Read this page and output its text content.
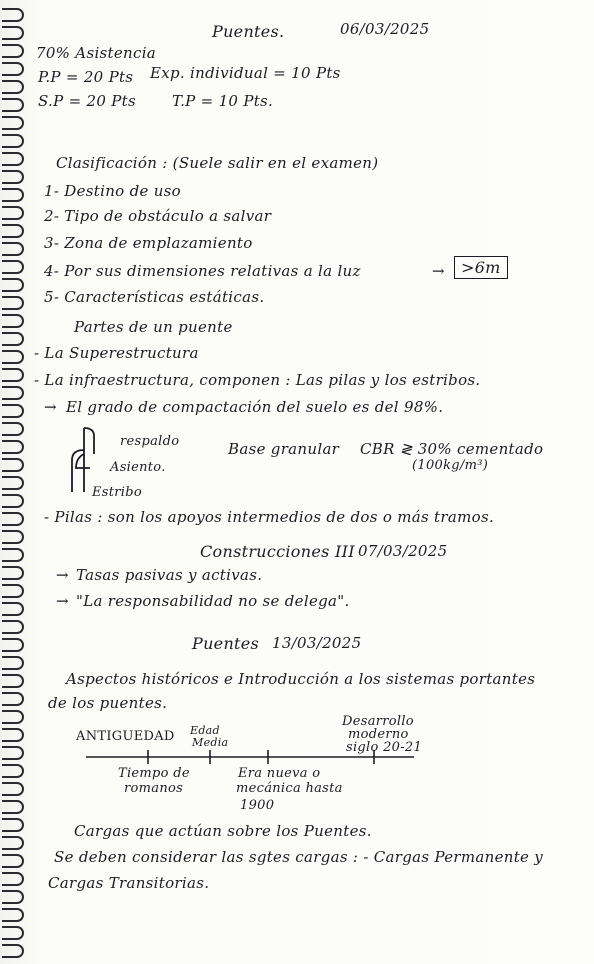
Puentes.	06/03/2025
70% Asistencia
P.P = 20 Pts Exp. individual = 10 Pts
S.P = 20 Pts T.P = 10 Pts.
Clasificación : (Suele salir en el examen)
1- Destino de uso
2- Tipo de obstáculo a salvar
3- Zona de emplazamiento
4- Por sus dimensiones relativas a la luz	→	>6m
5- Características estáticas.
Partes de un puente
- La Superestructura
- La infraestructura, componen : Las pilas y los estribos.
→ El grado de compactación del suelo es del 98%.
respaldo
Asiento.
Estribo
Base granular CBR ≷ 30% cementado
(100kg/m³)
- Pilas : son los apoyos intermedios de dos o más tramos.
Construcciones III 07/03/2025
→ Tasas pasivas y activas.
→ "La responsabilidad no se delega".
Puentes 13/03/2025
Aspectos históricos e Introducción a los sistemas portantes
de los puentes.
ANTIGUEDAD Edad
Media
Desarrollo
moderno
siglo 20-21
Tiempo de
romanos
Era nueva o
mecánica hasta
1900
Cargas que actúan sobre los Puentes.
Se deben considerar las sgtes cargas : - Cargas Permanente y
Cargas Transitorias.
